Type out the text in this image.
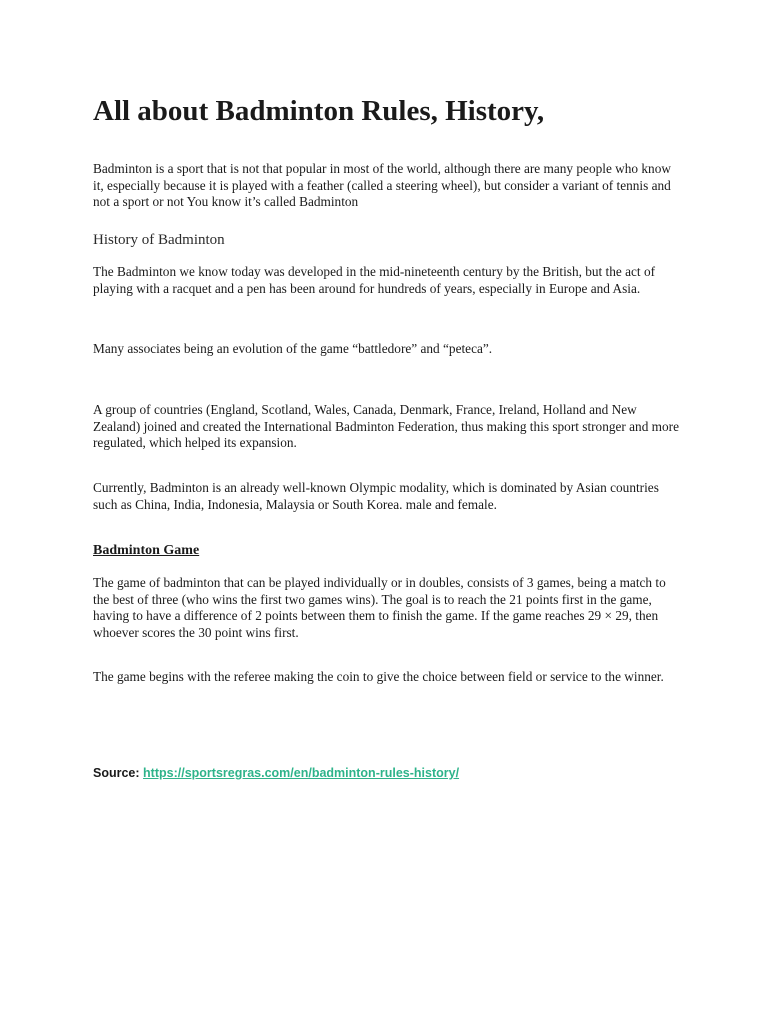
All about Badminton Rules, History,

Badminton is a sport that is not that popular in most of the world, although there are many people who know it, especially because it is played with a feather (called a steering wheel), but consider a variant of tennis and not a sport or not You know it’s called Badminton

History of Badminton

The Badminton we know today was developed in the mid-nineteenth century by the British, but the act of playing with a racquet and a pen has been around for hundreds of years, especially in Europe and Asia.

Many associates being an evolution of the game “battledore” and “peteca”.

A group of countries (England, Scotland, Wales, Canada, Denmark, France, Ireland, Holland and New Zealand) joined and created the International Badminton Federation, thus making this sport stronger and more regulated, which helped its expansion.

Currently, Badminton is an already well-known Olympic modality, which is dominated by Asian countries such as China, India, Indonesia, Malaysia or South Korea. male and female.

Badminton Game

The game of badminton that can be played individually or in doubles, consists of 3 games, being a match to the best of three (who wins the first two games wins). The goal is to reach the 21 points first in the game, having to have a difference of 2 points between them to finish the game. If the game reaches 29 × 29, then whoever scores the 30 point wins first.

The game begins with the referee making the coin to give the choice between field or service to the winner.

Source: https://sportsregras.com/en/badminton-rules-history/
